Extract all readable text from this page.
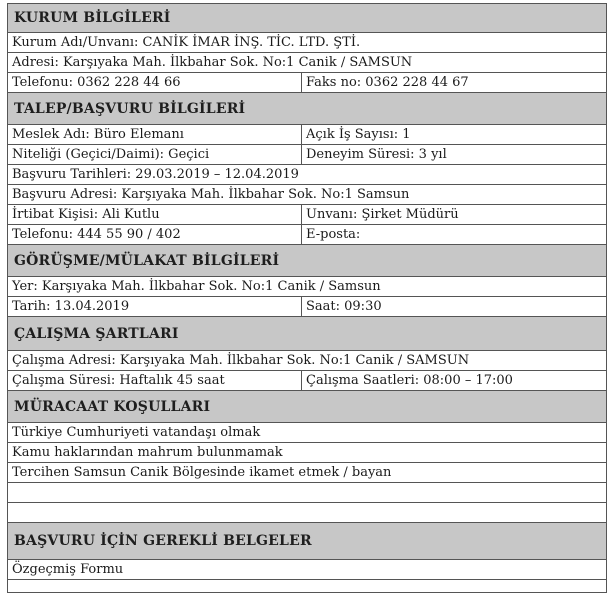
KURUM BİLGİLERİ
Kurum Adı/Unvanı: CANİK İMAR İNŞ. TİC. LTD. ŞTİ.
Adresi: Karşıyaka Mah. İlkbahar Sok. No:1 Canik / SAMSUN
Telefonu: 0362 228 44 66	Faks no: 0362 228 44 67
TALEP/BAŞVURU BİLGİLERİ
Meslek Adı: Büro Elemanı	Açık İş Sayısı: 1
Niteliği (Geçici/Daimi): Geçici	Deneyim Süresi: 3 yıl
Başvuru Tarihleri: 29.03.2019 – 12.04.2019
Başvuru Adresi: Karşıyaka Mah. İlkbahar Sok. No:1 Samsun
İrtibat Kişisi: Ali Kutlu	Unvanı: Şirket Müdürü
Telefonu: 444 55 90 / 402	E-posta:
GÖRÜŞME/MÜLAKAT BİLGİLERİ
Yer: Karşıyaka Mah. İlkbahar Sok. No:1 Canik / Samsun
Tarih: 13.04.2019	Saat: 09:30
ÇALIŞMA ŞARTLARI
Çalışma Adresi: Karşıyaka Mah. İlkbahar Sok. No:1 Canik / SAMSUN
Çalışma Süresi: Haftalık 45 saat	Çalışma Saatleri: 08:00 – 17:00
MÜRACAAT KOŞULLARI
Türkiye Cumhuriyeti vatandaşı olmak
Kamu haklarından mahrum bulunmamak
Tercihen Samsun Canik Bölgesinde ikamet etmek / bayan
BAŞVURU İÇİN GEREKLİ BELGELER
Özgeçmiş Formu
